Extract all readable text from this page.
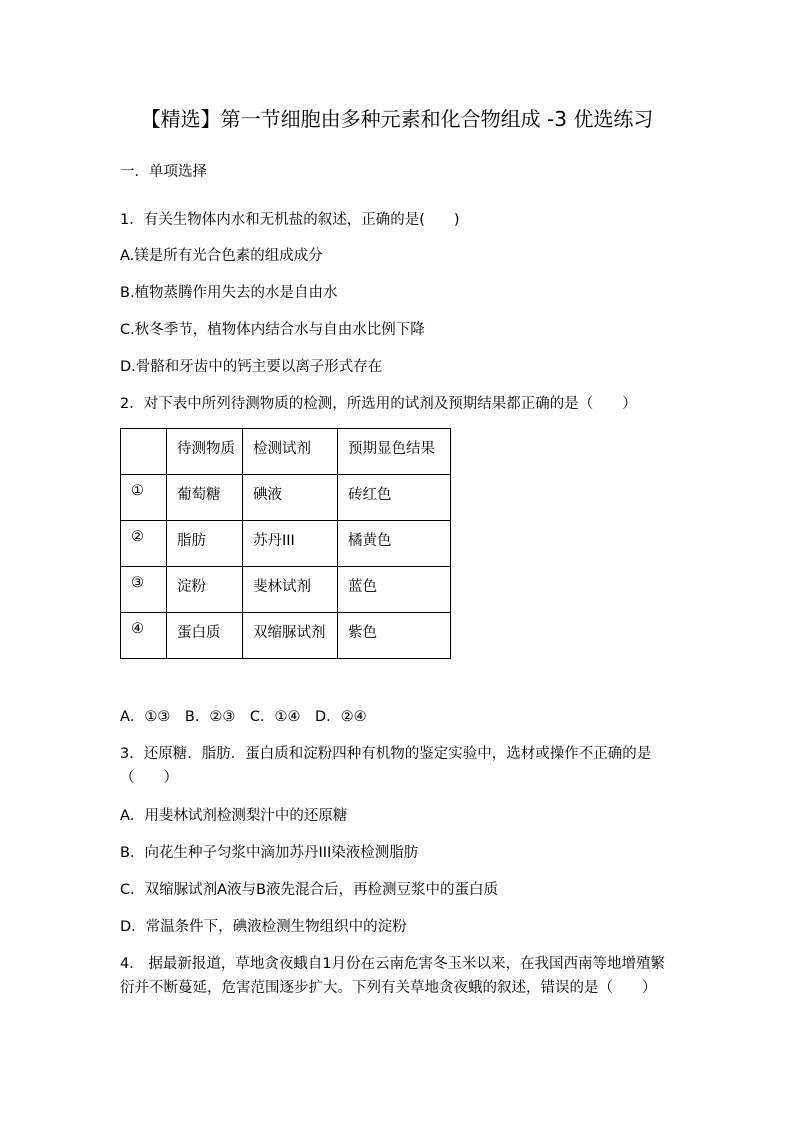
【精选】第一节细胞由多种元素和化合物组成 -3 优选练习
一．单项选择
1．有关生物体内水和无机盐的叙述，正确的是(　　)
A.镁是所有光合色素的组成成分
B.植物蒸腾作用失去的水是自由水
C.秋冬季节，植物体内结合水与自由水比例下降
D.骨骼和牙齿中的钙主要以离子形式存在
2．对下表中所列待测物质的检测，所选用的试剂及预期结果都正确的是（　　）
	待测物质	检测试剂	预期显色结果
①	葡萄糖	碘液	砖红色
②	脂肪	苏丹III	橘黄色
③	淀粉	斐林试剂	蓝色
④	蛋白质	双缩脲试剂	紫色
A．①③　B．②③　C．①④　D．②④
3．还原糖．脂肪．蛋白质和淀粉四种有机物的鉴定实验中，选材或操作不正确的是
（　　）
A．用斐林试剂检测梨汁中的还原糖
B．向花生种子匀浆中滴加苏丹III染液检测脂肪
C．双缩脲试剂A液与B液先混合后，再检测豆浆中的蛋白质
D．常温条件下，碘液检测生物组织中的淀粉
4． 据最新报道，草地贪夜蛾自1月份在云南危害冬玉米以来，在我国西南等地增殖繁
衍并不断蔓延，危害范围逐步扩大。下列有关草地贪夜蛾的叙述，错误的是（　　）
